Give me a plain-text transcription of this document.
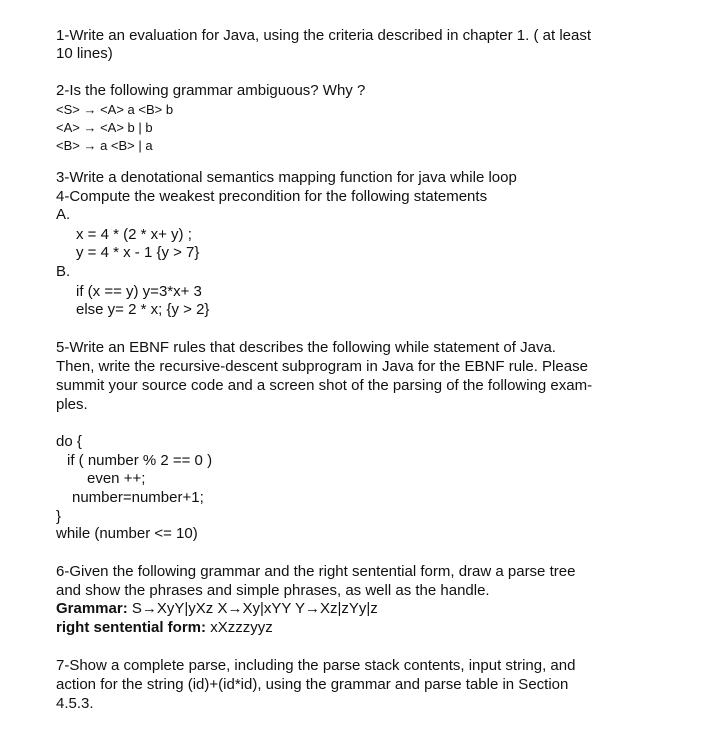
1-Write an evaluation for Java, using the criteria described in chapter 1. ( at least
10 lines)
2-Is the following grammar ambiguous? Why ?
<S> → <A> a <B> b
<A> → <A> b | b
<B> → a <B> | a
3-Write a denotational semantics mapping function for java while loop
4-Compute the weakest precondition for the following statements
A.
x = 4 * (2 * x+ y) ;
y = 4 * x - 1 {y > 7}
B.
if (x == y) y=3*x+ 3
else y= 2 * x; {y > 2}
5-Write an EBNF rules that describes the following while statement of Java.
Then, write the recursive-descent subprogram in Java for the EBNF rule. Please
summit your source code and a screen shot of the parsing of the following exam-
ples.
do {
if ( number % 2 == 0 )
even ++;
number=number+1;
}
while (number <= 10)
6-Given the following grammar and the right sentential form, draw a parse tree
and show the phrases and simple phrases, as well as the handle.
Grammar: S→XyY|yXz X→Xy|xYY Y→Xz|zYy|z
right sentential form: xXzzzyyz
7-Show a complete parse, including the parse stack contents, input string, and
action for the string (id)+(id*id), using the grammar and parse table in Section
4.5.3.
